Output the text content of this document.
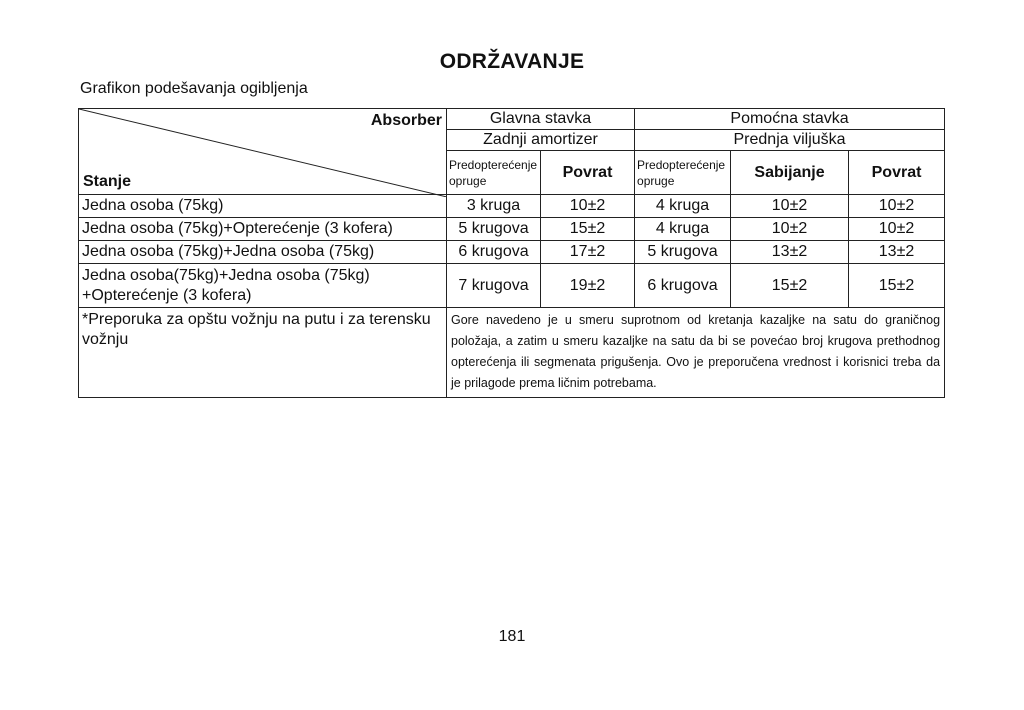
ODRŽAVANJE
Grafikon podešavanja ogibljenja
Absorber
Stanje	Glavna stavka		Pomoćna stavka		
	Zadnji amortizer		Prednja viljuška		
	Predopterećenje opruge	Povrat	Predopterećenje opruge	Sabijanje	Povrat
Jedna osoba (75kg)	3 kruga	10±2	4 kruga	10±2	10±2
Jedna osoba (75kg)+Opterećenje (3 kofera)	5 krugova	15±2	4 kruga	10±2	10±2
Jedna osoba (75kg)+Jedna osoba (75kg)	6 krugova	17±2	5 krugova	13±2	13±2
Jedna osoba(75kg)+Jedna osoba (75kg) +Opterećenje (3 kofera)	7 krugova	19±2	6 krugova	15±2	15±2
*Preporuka za opštu vožnju na putu i za terensku vožnju	Gore navedeno je u smeru suprotnom od kretanja kazaljke na satu do graničnog položaja, a zatim u smeru kazaljke na satu da bi se povećao broj krugova prethodnog opterećenja ili segmenata prigušenja. Ovo je preporučena vrednost i korisnici treba da je prilagode prema ličnim potrebama.				
181
